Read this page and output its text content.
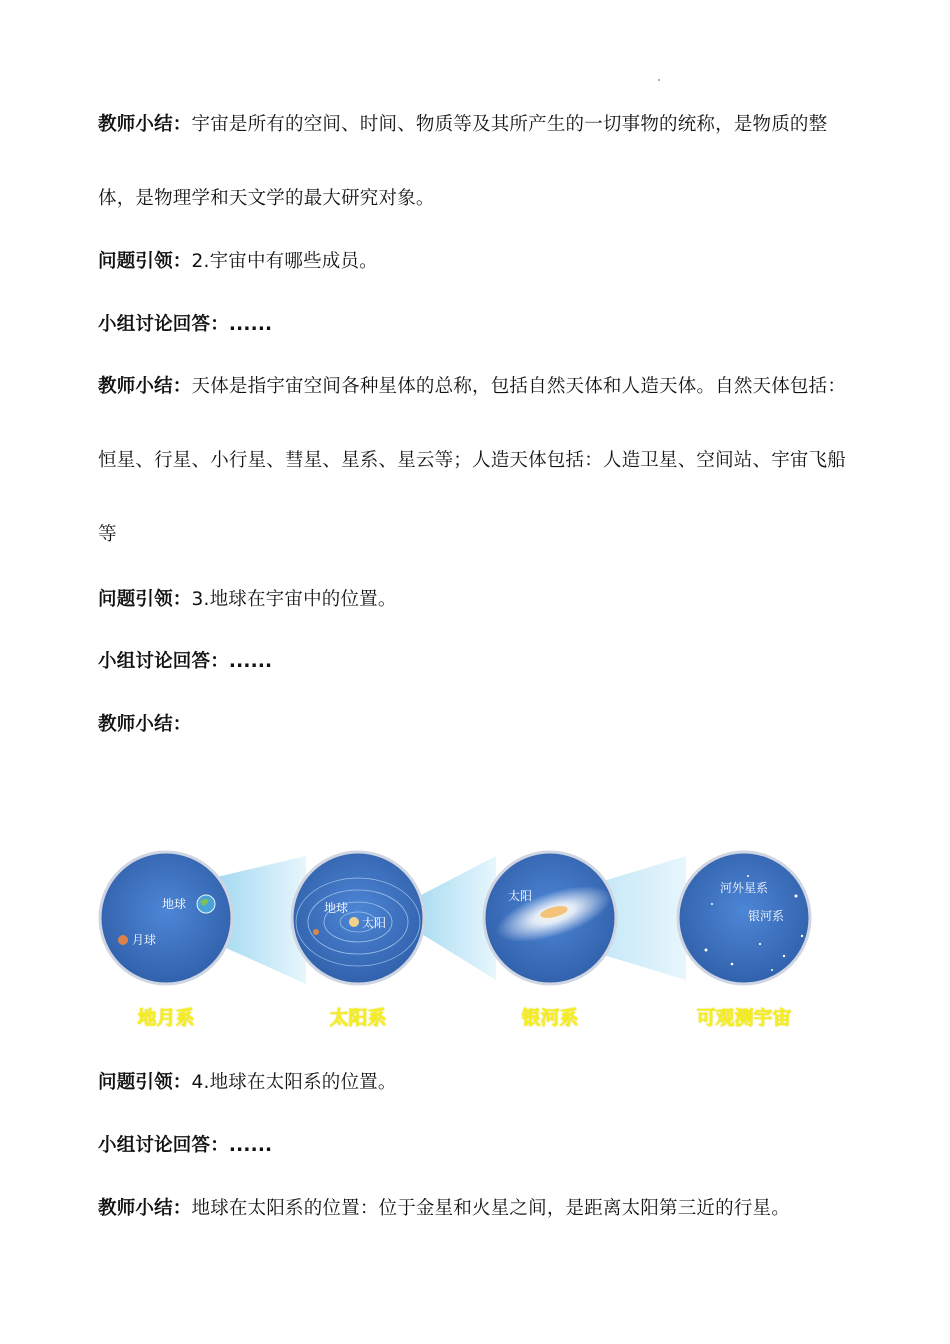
教师小结：宇宙是所有的空间、时间、物质等及其所产生的一切事物的统称，是物质的整体，是物理学和天文学的最大研究对象。

问题引领：2.宇宙中有哪些成员。

小组讨论回答：......

教师小结：天体是指宇宙空间各种星体的总称，包括自然天体和人造天体。自然天体包括：恒星、行星、小行星、彗星、星系、星云等；人造天体包括：人造卫星、空间站、宇宙飞船等

问题引领：3.地球在宇宙中的位置。

小组讨论回答：......

教师小结：

地球
月球
地球
太阳
太阳
河外星系
银河系
地月系	太阳系	银河系	可观测宇宙

问题引领：4.地球在太阳系的位置。

小组讨论回答：......

教师小结：地球在太阳系的位置：位于金星和火星之间，是距离太阳第三近的行星。
